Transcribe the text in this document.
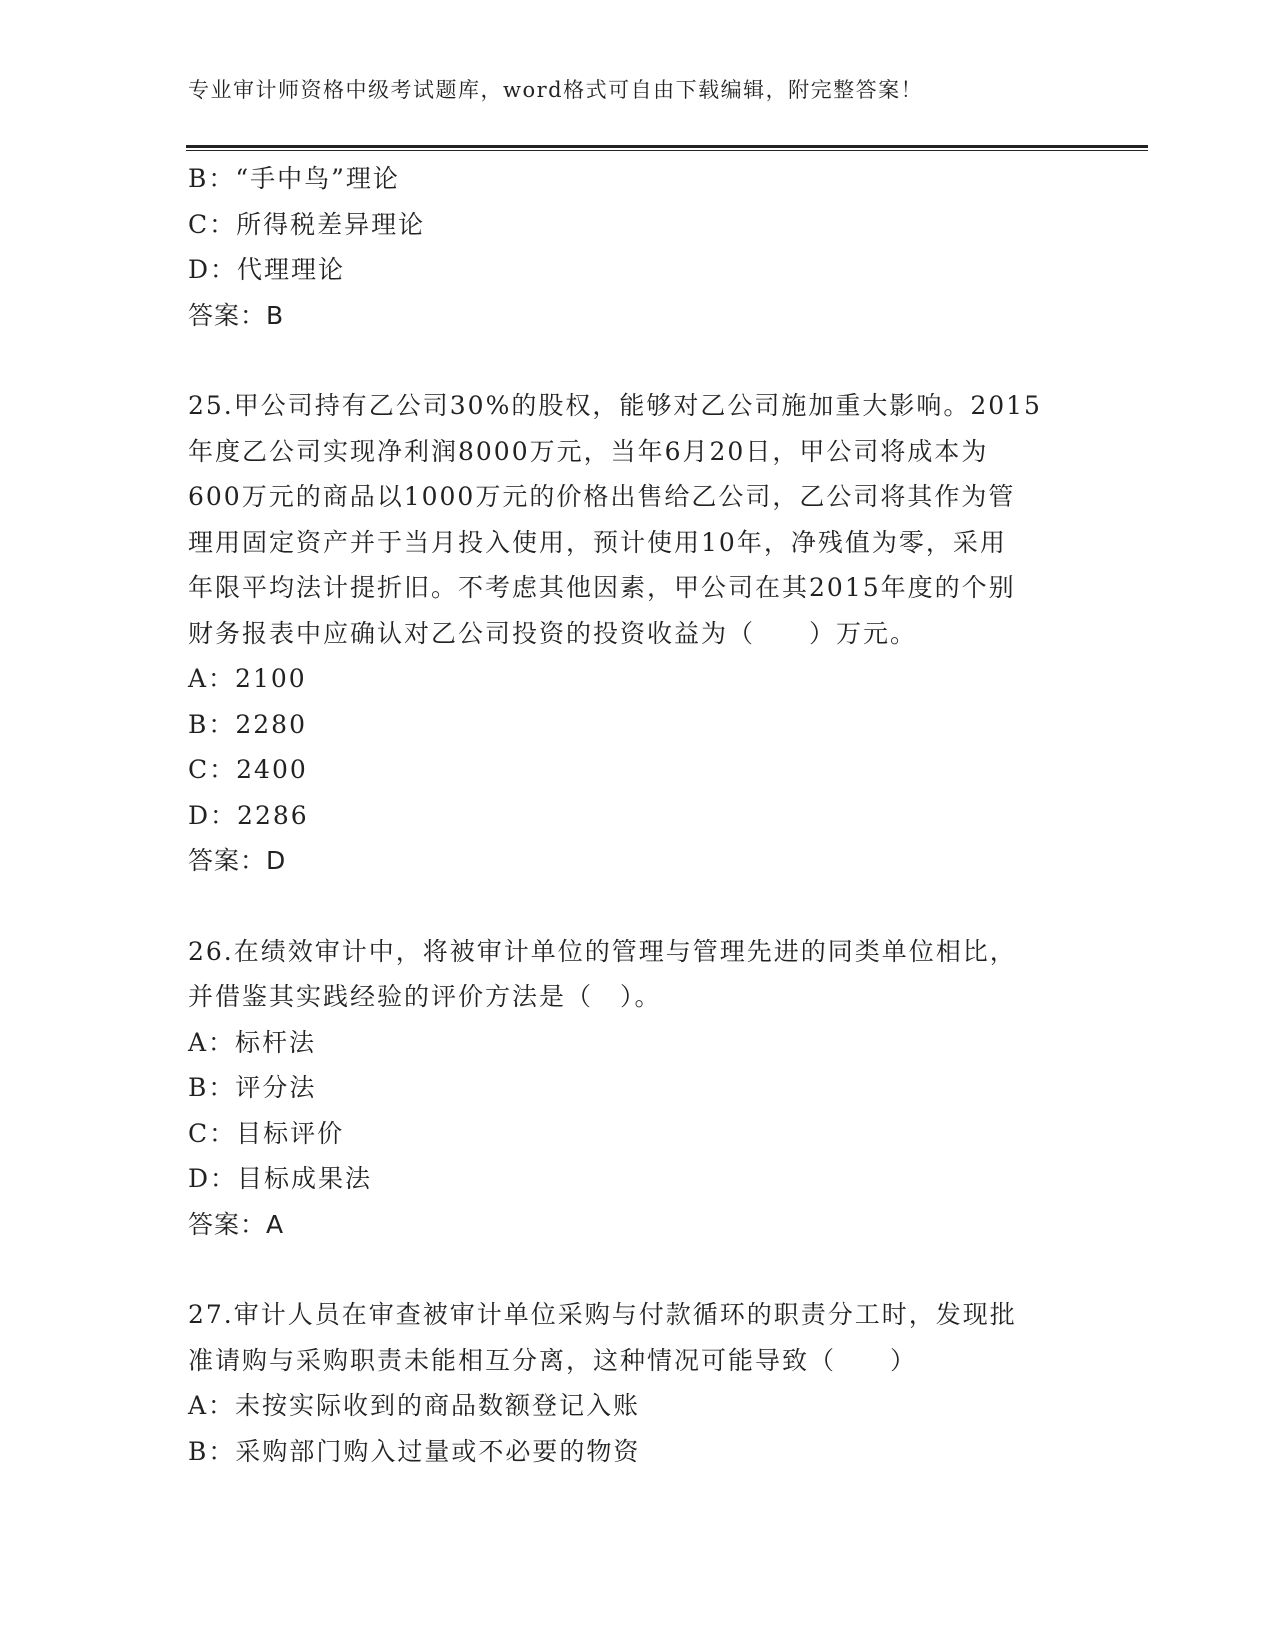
专业审计师资格中级考试题库，word格式可自由下载编辑，附完整答案！
B：“手中鸟”理论
C：所得税差异理论
D：代理理论
答案：B
25.甲公司持有乙公司30%的股权，能够对乙公司施加重大影响。2015
年度乙公司实现净利润8000万元，当年6月20日，甲公司将成本为
600万元的商品以1000万元的价格出售给乙公司，乙公司将其作为管
理用固定资产并于当月投入使用，预计使用10年，净残值为零，采用
年限平均法计提折旧。不考虑其他因素，甲公司在其2015年度的个别
财务报表中应确认对乙公司投资的投资收益为（　　）万元。
A：2100
B：2280
C：2400
D：2286
答案：D
26.在绩效审计中，将被审计单位的管理与管理先进的同类单位相比，
并借鉴其实践经验的评价方法是（　）。
A：标杆法
B：评分法
C：目标评价
D：目标成果法
答案：A
27.审计人员在审查被审计单位采购与付款循环的职责分工时，发现批
准请购与采购职责未能相互分离，这种情况可能导致（　　）
A：未按实际收到的商品数额登记入账
B：采购部门购入过量或不必要的物资
